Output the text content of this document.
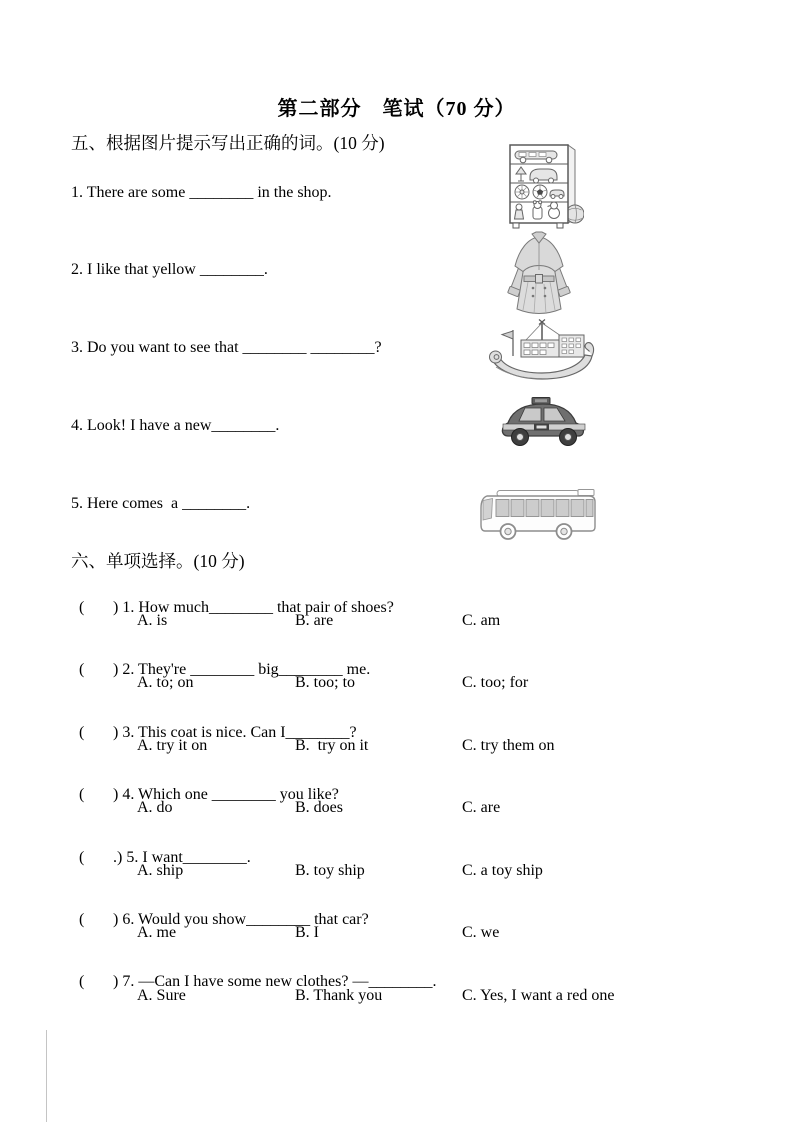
第二部分　笔试（70 分）
五、根据图片提示写出正确的词。(10 分)
1. There are some ________ in the shop.
2. I like that yellow ________.
3. Do you want to see that ________ ________?
4. Look! I have a new________.
5. Here comes  a ________.
六、单项选择。(10 分)

( ) 1. How much________ that pair of shoes?

A. is	B. are	C. am

( ) 2. They're ________ big________ me.

A. to; on	B. too; to	C. too; for

( ) 3. This coat is nice. Can I________?

A. try it on	B.  try on it	C. try them on

( ) 4. Which one ________ you like?

A. do	B. does	C. are

( .) 5. I want________.

A. ship	B. toy ship	C. a toy ship

( ) 6. Would you show________ that car?

A. me	B. I	C. we

( ) 7. —Can I have some new clothes? —________.

A. Sure	B. Thank you	C. Yes, I want a red one
